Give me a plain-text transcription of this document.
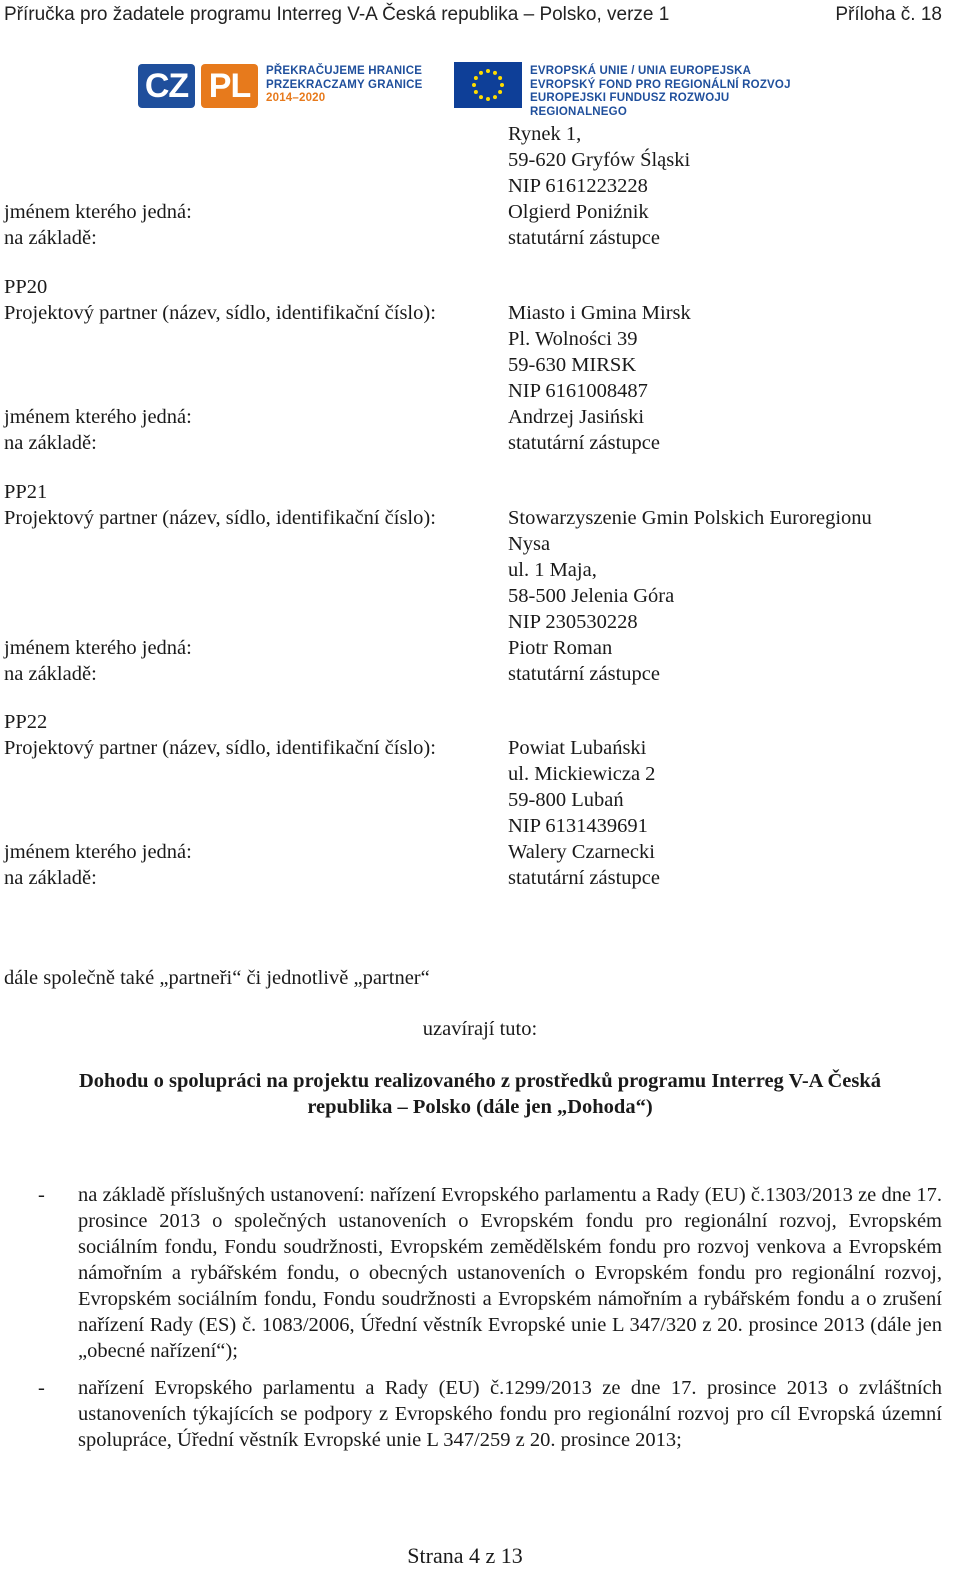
Příručka pro žadatele programu Interreg V-A Česká republika – Polsko, verze 1	Příloha č. 18
CZ PL	PŘEKRAČUJEME HRANICE
PRZEKRACZAMY GRANICE
2014–2020
EVROPSKÁ UNIE / UNIA EUROPEJSKA
EVROPSKÝ FOND PRO REGIONÁLNÍ ROZVOJ
EUROPEJSKI FUNDUSZ ROZWOJU REGIONALNEGO
Rynek 1,
59-620 Gryfów Śląski
NIP 6161223228
jménem kterého jedná:	Olgierd Poniźnik
na základě:	statutární zástupce
PP20
Projektový partner (název, sídlo, identifikační číslo):	Miasto i Gmina Mirsk
Pl. Wolności 39
59-630 MIRSK
NIP 6161008487
jménem kterého jedná:	Andrzej Jasiński
na základě:	statutární zástupce
PP21
Projektový partner (název, sídlo, identifikační číslo):	Stowarzyszenie Gmin Polskich Euroregionu
Nysa
ul. 1 Maja,
58-500 Jelenia Góra
NIP 230530228
jménem kterého jedná:	Piotr Roman
na základě:	statutární zástupce
PP22
Projektový partner (název, sídlo, identifikační číslo):	Powiat Lubański
ul. Mickiewicza 2
59-800 Lubań
NIP 6131439691
jménem kterého jedná:	Walery Czarnecki
na základě:	statutární zástupce
dále společně také „partneři“ či jednotlivě „partner“
uzavírají tuto:
Dohodu o spolupráci na projektu realizovaného z prostředků programu Interreg V-A Česká
republika – Polsko (dále jen „Dohoda“)
- na základě příslušných ustanovení: nařízení Evropského parlamentu a Rady (EU) č.1303/2013 ze dne 17. prosince 2013 o společných ustanoveních o Evropském fondu pro regionální rozvoj, Evropském sociálním fondu, Fondu soudržnosti, Evropském zemědělském fondu pro rozvoj venkova a Evropském námořním a rybářském fondu, o obecných ustanoveních o Evropském fondu pro regionální rozvoj, Evropském sociálním fondu, Fondu soudržnosti a Evropském námořním a rybářském fondu a o zrušení nařízení Rady (ES) č. 1083/2006, Úřední věstník Evropské unie L 347/320 z 20. prosince 2013 (dále jen „obecné nařízení“);
- nařízení Evropského parlamentu a Rady (EU) č.1299/2013 ze dne 17. prosince 2013 o zvláštních ustanoveních týkajících se podpory z Evropského fondu pro regionální rozvoj pro cíl Evropská územní spolupráce, Úřední věstník Evropské unie L 347/259 z 20. prosince 2013;
Strana 4 z 13
